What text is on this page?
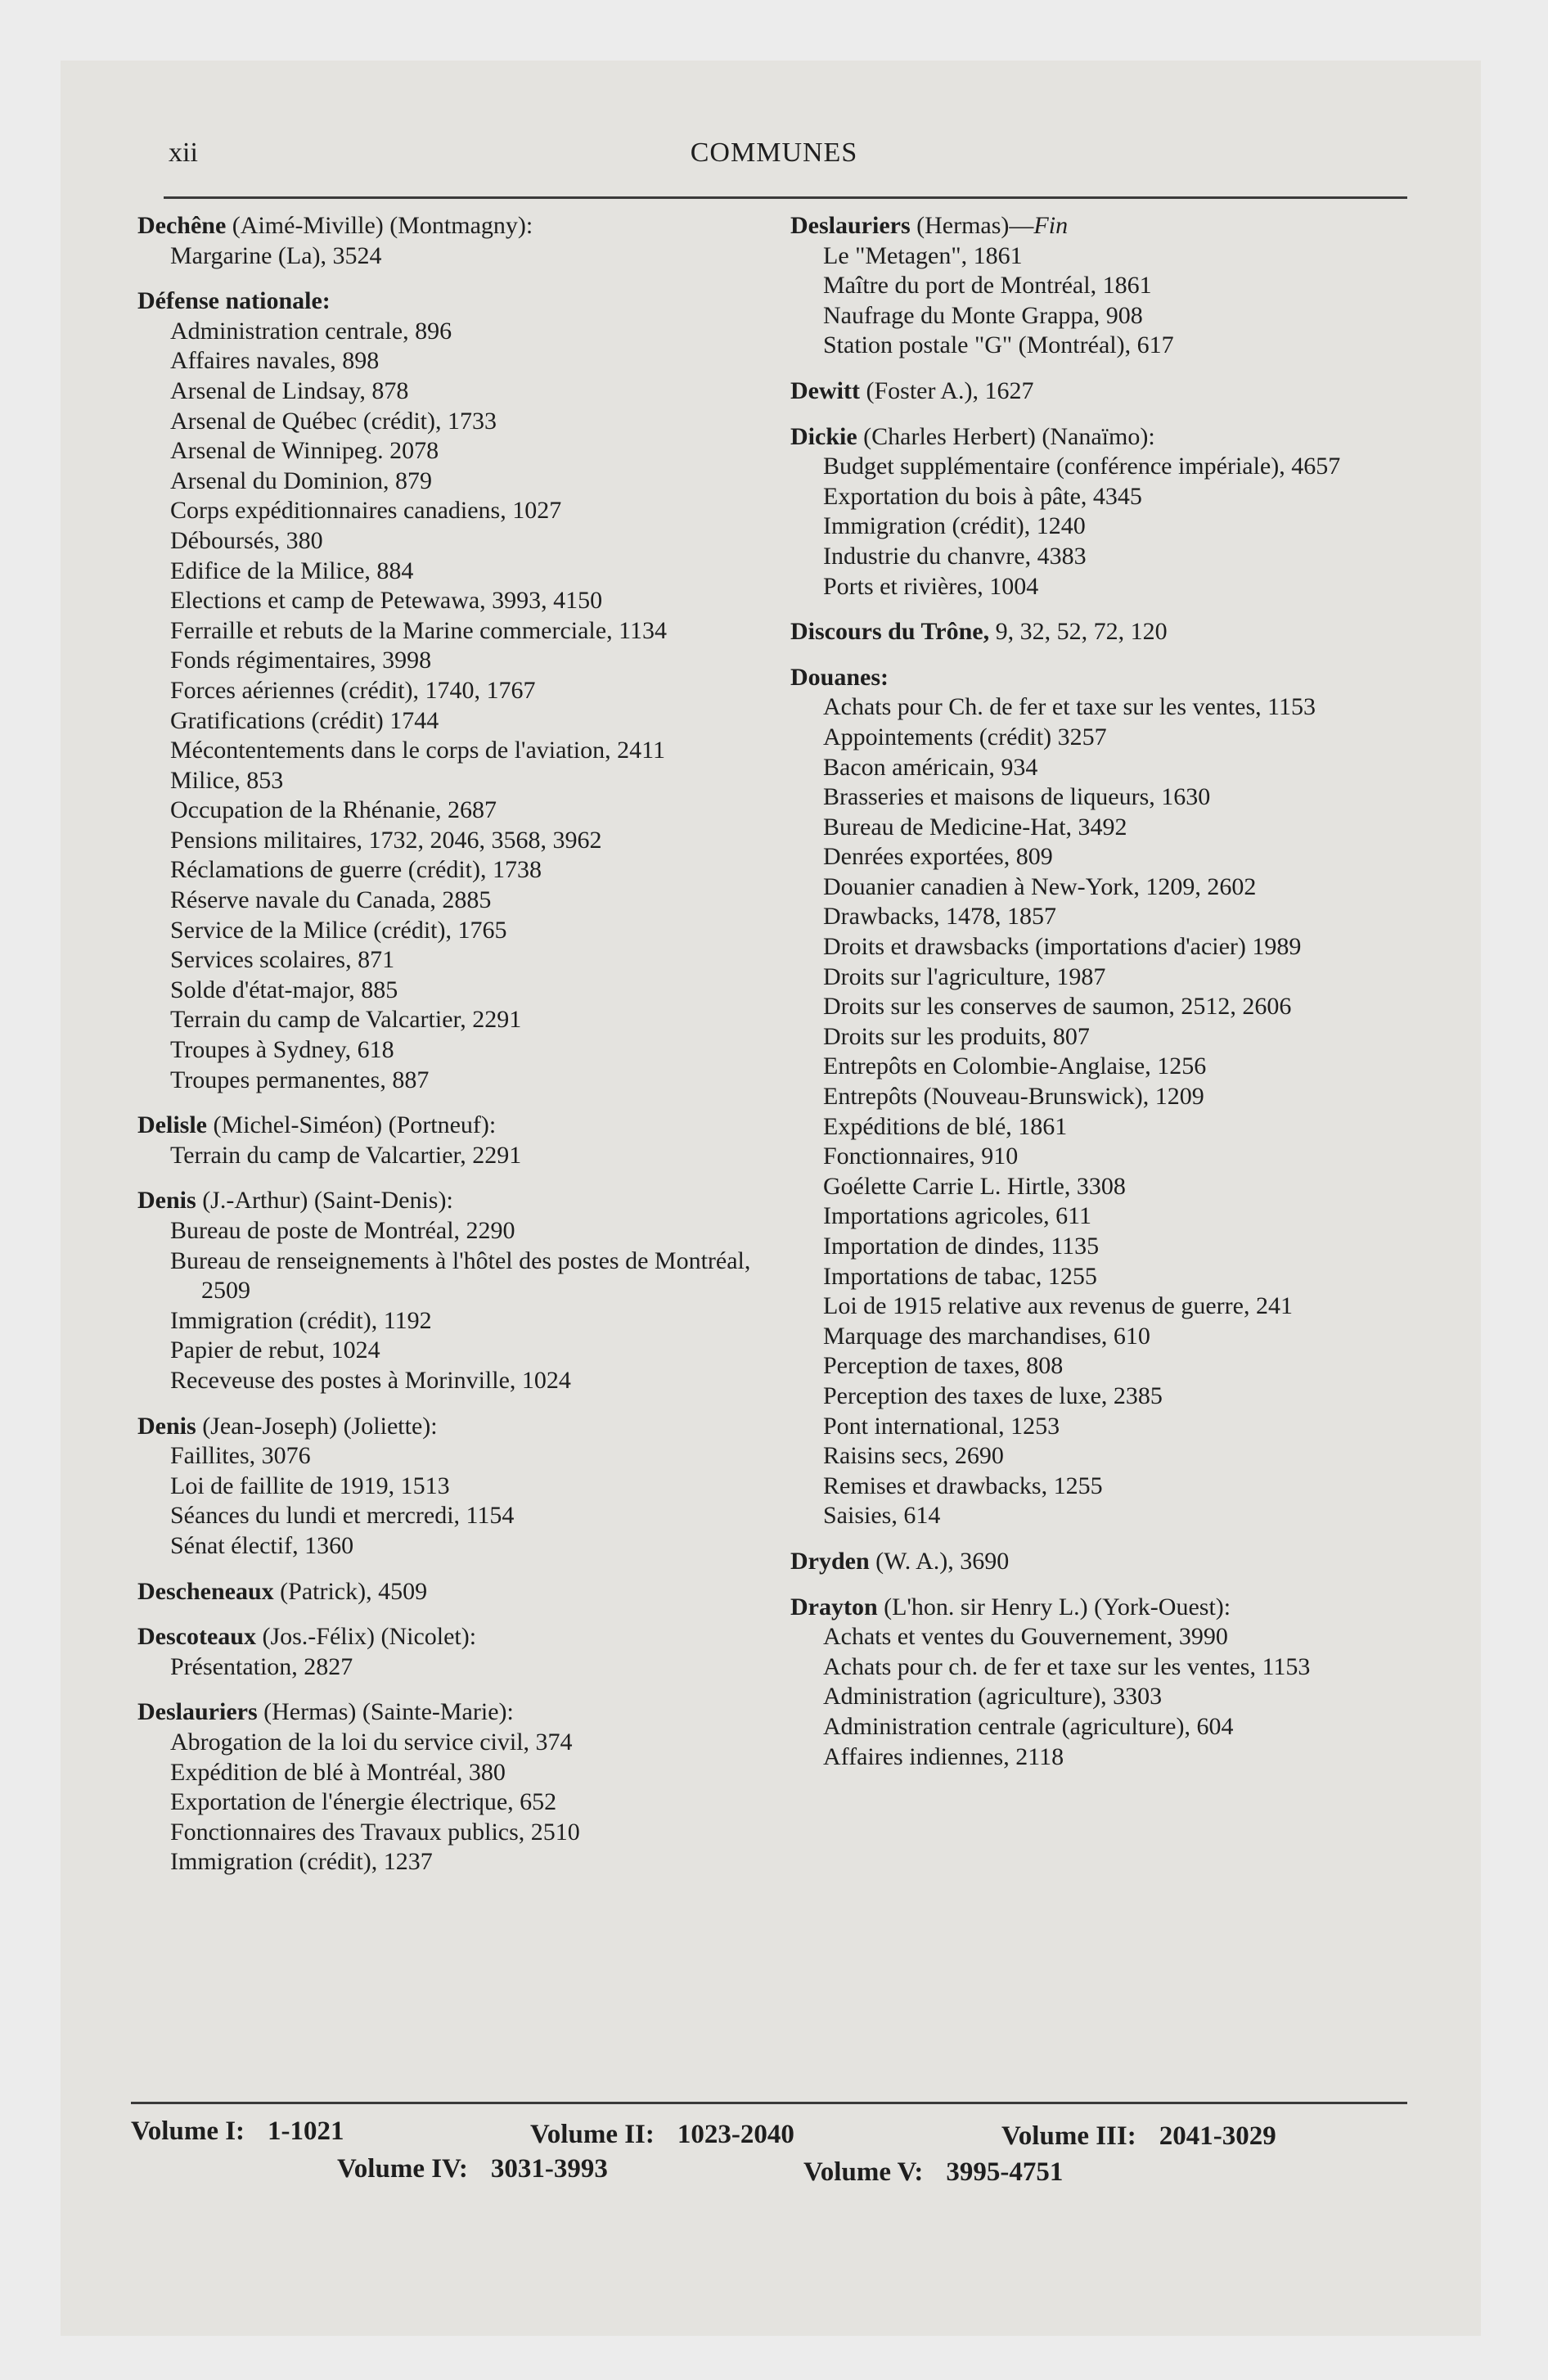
xii	COMMUNES
Dechêne (Aimé-Miville) (Montmagny):
Margarine (La), 3524
Défense nationale:
Administration centrale, 896
Affaires navales, 898
Arsenal de Lindsay, 878
Arsenal de Québec (crédit), 1733
Arsenal de Winnipeg. 2078
Arsenal du Dominion, 879
Corps expéditionnaires canadiens, 1027
Déboursés, 380
Edifice de la Milice, 884
Elections et camp de Petewawa, 3993, 4150
Ferraille et rebuts de la Marine commerciale, 1134
Fonds régimentaires, 3998
Forces aériennes (crédit), 1740, 1767
Gratifications (crédit) 1744
Mécontentements dans le corps de l'aviation, 2411
Milice, 853
Occupation de la Rhénanie, 2687
Pensions militaires, 1732, 2046, 3568, 3962
Réclamations de guerre (crédit), 1738
Réserve navale du Canada, 2885
Service de la Milice (crédit), 1765
Services scolaires, 871
Solde d'état-major, 885
Terrain du camp de Valcartier, 2291
Troupes à Sydney, 618
Troupes permanentes, 887
Delisle (Michel-Siméon) (Portneuf):
Terrain du camp de Valcartier, 2291
Denis (J.-Arthur) (Saint-Denis):
Bureau de poste de Montréal, 2290
Bureau de renseignements à l'hôtel des postes de Montréal, 2509
Immigration (crédit), 1192
Papier de rebut, 1024
Receveuse des postes à Morinville, 1024
Denis (Jean-Joseph) (Joliette):
Faillites, 3076
Loi de faillite de 1919, 1513
Séances du lundi et mercredi, 1154
Sénat électif, 1360
Descheneaux (Patrick), 4509
Descoteaux (Jos.-Félix) (Nicolet):
Présentation, 2827
Deslauriers (Hermas) (Sainte-Marie):
Abrogation de la loi du service civil, 374
Expédition de blé à Montréal, 380
Exportation de l'énergie électrique, 652
Fonctionnaires des Travaux publics, 2510
Immigration (crédit), 1237
Deslauriers (Hermas)—Fin
Le "Metagen", 1861
Maître du port de Montréal, 1861
Naufrage du Monte Grappa, 908
Station postale "G" (Montréal), 617
Dewitt (Foster A.), 1627
Dickie (Charles Herbert) (Nanaïmo):
Budget supplémentaire (conférence impériale), 4657
Exportation du bois à pâte, 4345
Immigration (crédit), 1240
Industrie du chanvre, 4383
Ports et rivières, 1004
Discours du Trône, 9, 32, 52, 72, 120
Douanes:
Achats pour Ch. de fer et taxe sur les ventes, 1153
Appointements (crédit) 3257
Bacon américain, 934
Brasseries et maisons de liqueurs, 1630
Bureau de Medicine-Hat, 3492
Denrées exportées, 809
Douanier canadien à New-York, 1209, 2602
Drawbacks, 1478, 1857
Droits et drawsbacks (importations d'acier) 1989
Droits sur l'agriculture, 1987
Droits sur les conserves de saumon, 2512, 2606
Droits sur les produits, 807
Entrepôts en Colombie-Anglaise, 1256
Entrepôts (Nouveau-Brunswick), 1209
Expéditions de blé, 1861
Fonctionnaires, 910
Goélette Carrie L. Hirtle, 3308
Importations agricoles, 611
Importation de dindes, 1135
Importations de tabac, 1255
Loi de 1915 relative aux revenus de guerre, 241
Marquage des marchandises, 610
Perception de taxes, 808
Perception des taxes de luxe, 2385
Pont international, 1253
Raisins secs, 2690
Remises et drawbacks, 1255
Saisies, 614
Dryden (W. A.), 3690
Drayton (L'hon. sir Henry L.) (York-Ouest):
Achats et ventes du Gouvernement, 3990
Achats pour ch. de fer et taxe sur les ventes, 1153
Administration (agriculture), 3303
Administration centrale (agriculture), 604
Affaires indiennes, 2118
Volume I: 1-1021	Volume II: 1023-2040	Volume III: 2041-3029
Volume IV: 3031-3993	Volume V: 3995-4751
